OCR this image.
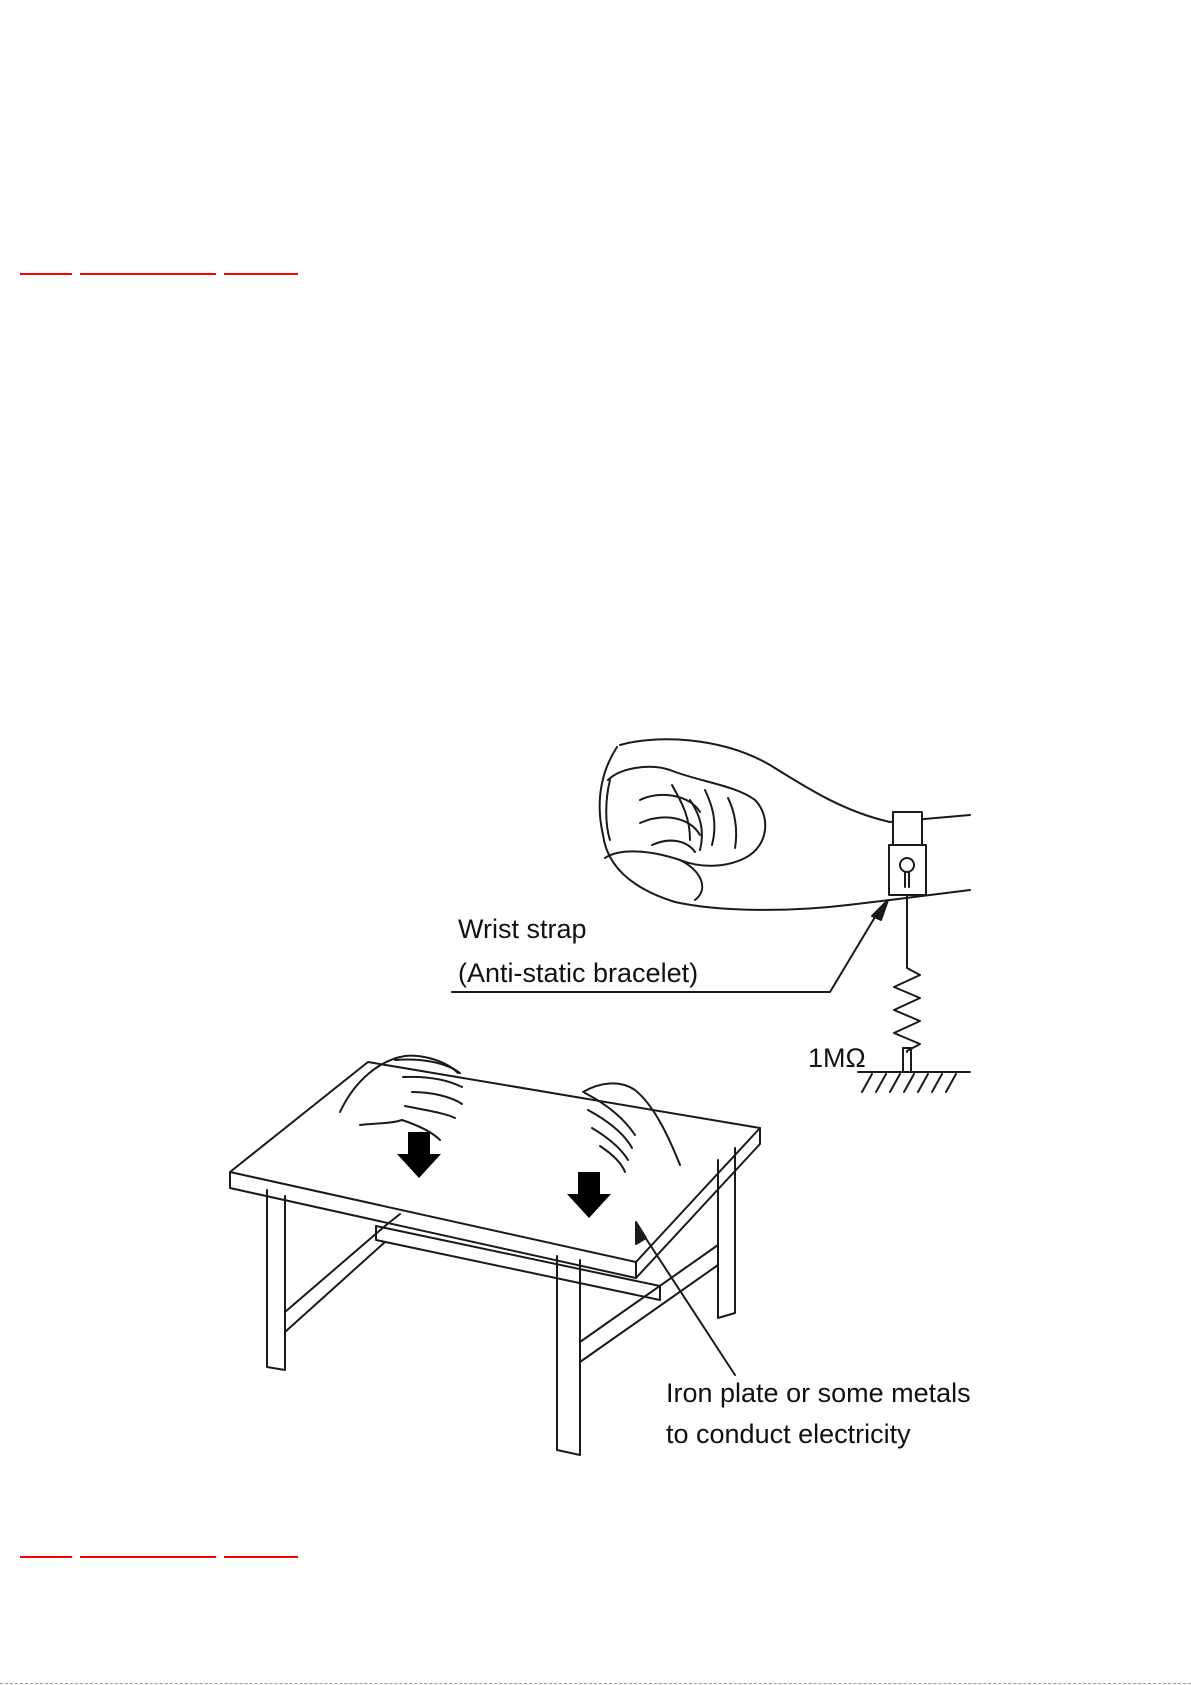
Wrist strap
(Anti-static bracelet)
1MΩ
Iron plate or some metals
to conduct electricity
